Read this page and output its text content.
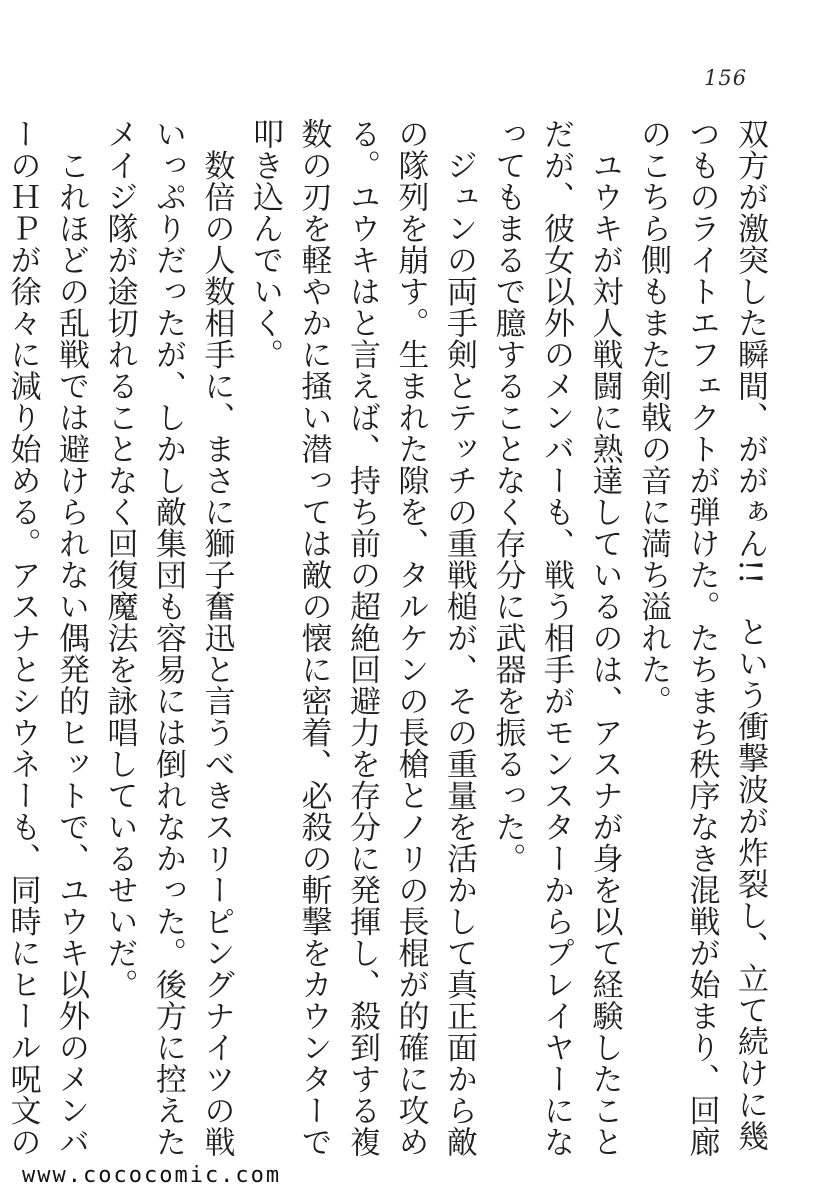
156

双方が激突した瞬間、ががぁん!!　という衝撃波が炸裂し、立て続けに幾つものライトエフェクトが弾けた。たちまち秩序なき混戦が始まり、回廊のこちら側もまた剣戟の音に満ち溢れた。

　ユウキが対人戦闘に熟達しているのは、アスナが身を以て経験したことだが、彼女以外のメンバーも、戦う相手がモンスターからプレイヤーになってもまるで臆することなく存分に武器を振るった。

　ジュンの両手剣とテッチの重戦槌が、その重量を活かして真正面から敵の隊列を崩す。生まれた隙を、タルケンの長槍とノリの長棍が的確に攻める。ユウキはと言えば、持ち前の超絶回避力を存分に発揮し、殺到する複数の刃を軽やかに掻い潜っては敵の懐に密着、必殺の斬撃をカウンターで叩き込んでいく。

　数倍の人数相手に、まさに獅子奮迅と言うべきスリーピングナイツの戦いっぷりだったが、しかし敵集団も容易には倒れなかった。後方に控えたメイジ隊が途切れることなく回復魔法を詠唱しているせいだ。

　これほどの乱戦では避けられない偶発的ヒットで、ユウキ以外のメンバーのＨＰが徐々に減り始める。アスナとシウネーも、同時にヒール呪文の

www.cococomic.com
